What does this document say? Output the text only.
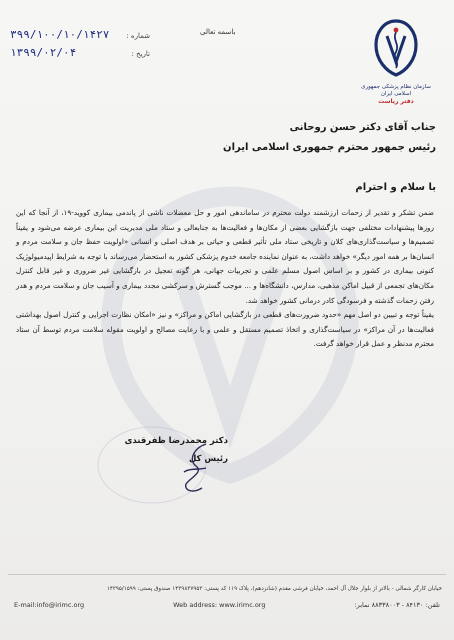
شماره :
۳۹۹/۱۰۰/۱۰/۱۴۲۷
تاریخ :
۱۳۹۹/۰۲/۰۴
باسمه تعالی
سازمان نظام پزشکی جمهوری اسلامی ایران
دفتر ریاست
جناب آقای دکتر حسن روحانی
رئیس جمهور محترم جمهوری اسلامی ایران
با سلام و احترام

ضمن تشکر و تقدیر از زحمات ارزشمند دولت محترم در ساماندهی امور و حل معضلات ناشی از پاندمی بیماری کووید-۱۹، از آنجا که این روزها پیشنهادات مختلفی جهت بازگشایی بعضی از مکان‌ها و فعالیت‌ها به جنابعالی و ستاد ملی مدیریت این بیماری عرضه می‌شود و یقیناً تصمیم‌ها و سیاست‌گذاری‌های کلان و تاریخی ستاد ملی تأثیر قطعی و حیاتی بر هدف اصلی و انسانی «اولویت حفظ جان و سلامت مردم و انسان‌ها بر همه امور دیگر» خواهد داشت، به عنوان نماینده جامعه خدوم پزشکی کشور به استحضار می‌رساند با توجه به شرایط اپیدمیولوژیک کنونی بیماری در کشور و بر اساس اصول مسلم علمی و تجربیات جهانی، هر گونه تعجیل در بازگشایی غیر ضروری و غیر قابل کنترل مکان‌های تجمعی از قبیل اماکن مذهبی، مدارس، دانشگاه‌ها و ... موجب گسترش و سرکشی مجدد بیماری و آسیب جان و سلامت مردم و هدر رفتن زحمات گذشته و فرسودگی کادر درمانی کشور خواهد شد.

یقیناً توجه و تبیین دو اصل مهم «حدود ضرورت‌های قطعی در بازگشایی اماکن و مراکز» و نیز «امکان نظارت اجرایی و کنترل اصول بهداشتی فعالیت‌ها در آن مراکز» در سیاست‌گذاری و اتخاذ تصمیم مستقل و علمی و با رعایت مصالح و اولویت مقوله سلامت مردم توسط آن ستاد محترم مدنظر و عمل قرار خواهد گرفت.

دکتر محمدرضا ظفرقندی
رئیس کل
خیابان کارگر شمالی - بالاتر از بلوار جلال آل احمد، خیابان فرشی مقدم (شانزدهم)، پلاک ۱۱۹ کد پستی: ۱۴۳۹۸۳۷۹۵۳ صندوق پستی: ۱۴۳۹۵/۱۵۹۹
E-mail:info@irimc.org	Web address: www.irimc.org	تلفن: ۸۴۱۳۰ - ۸۸۳۳۸۰۰۳ نمابر:
